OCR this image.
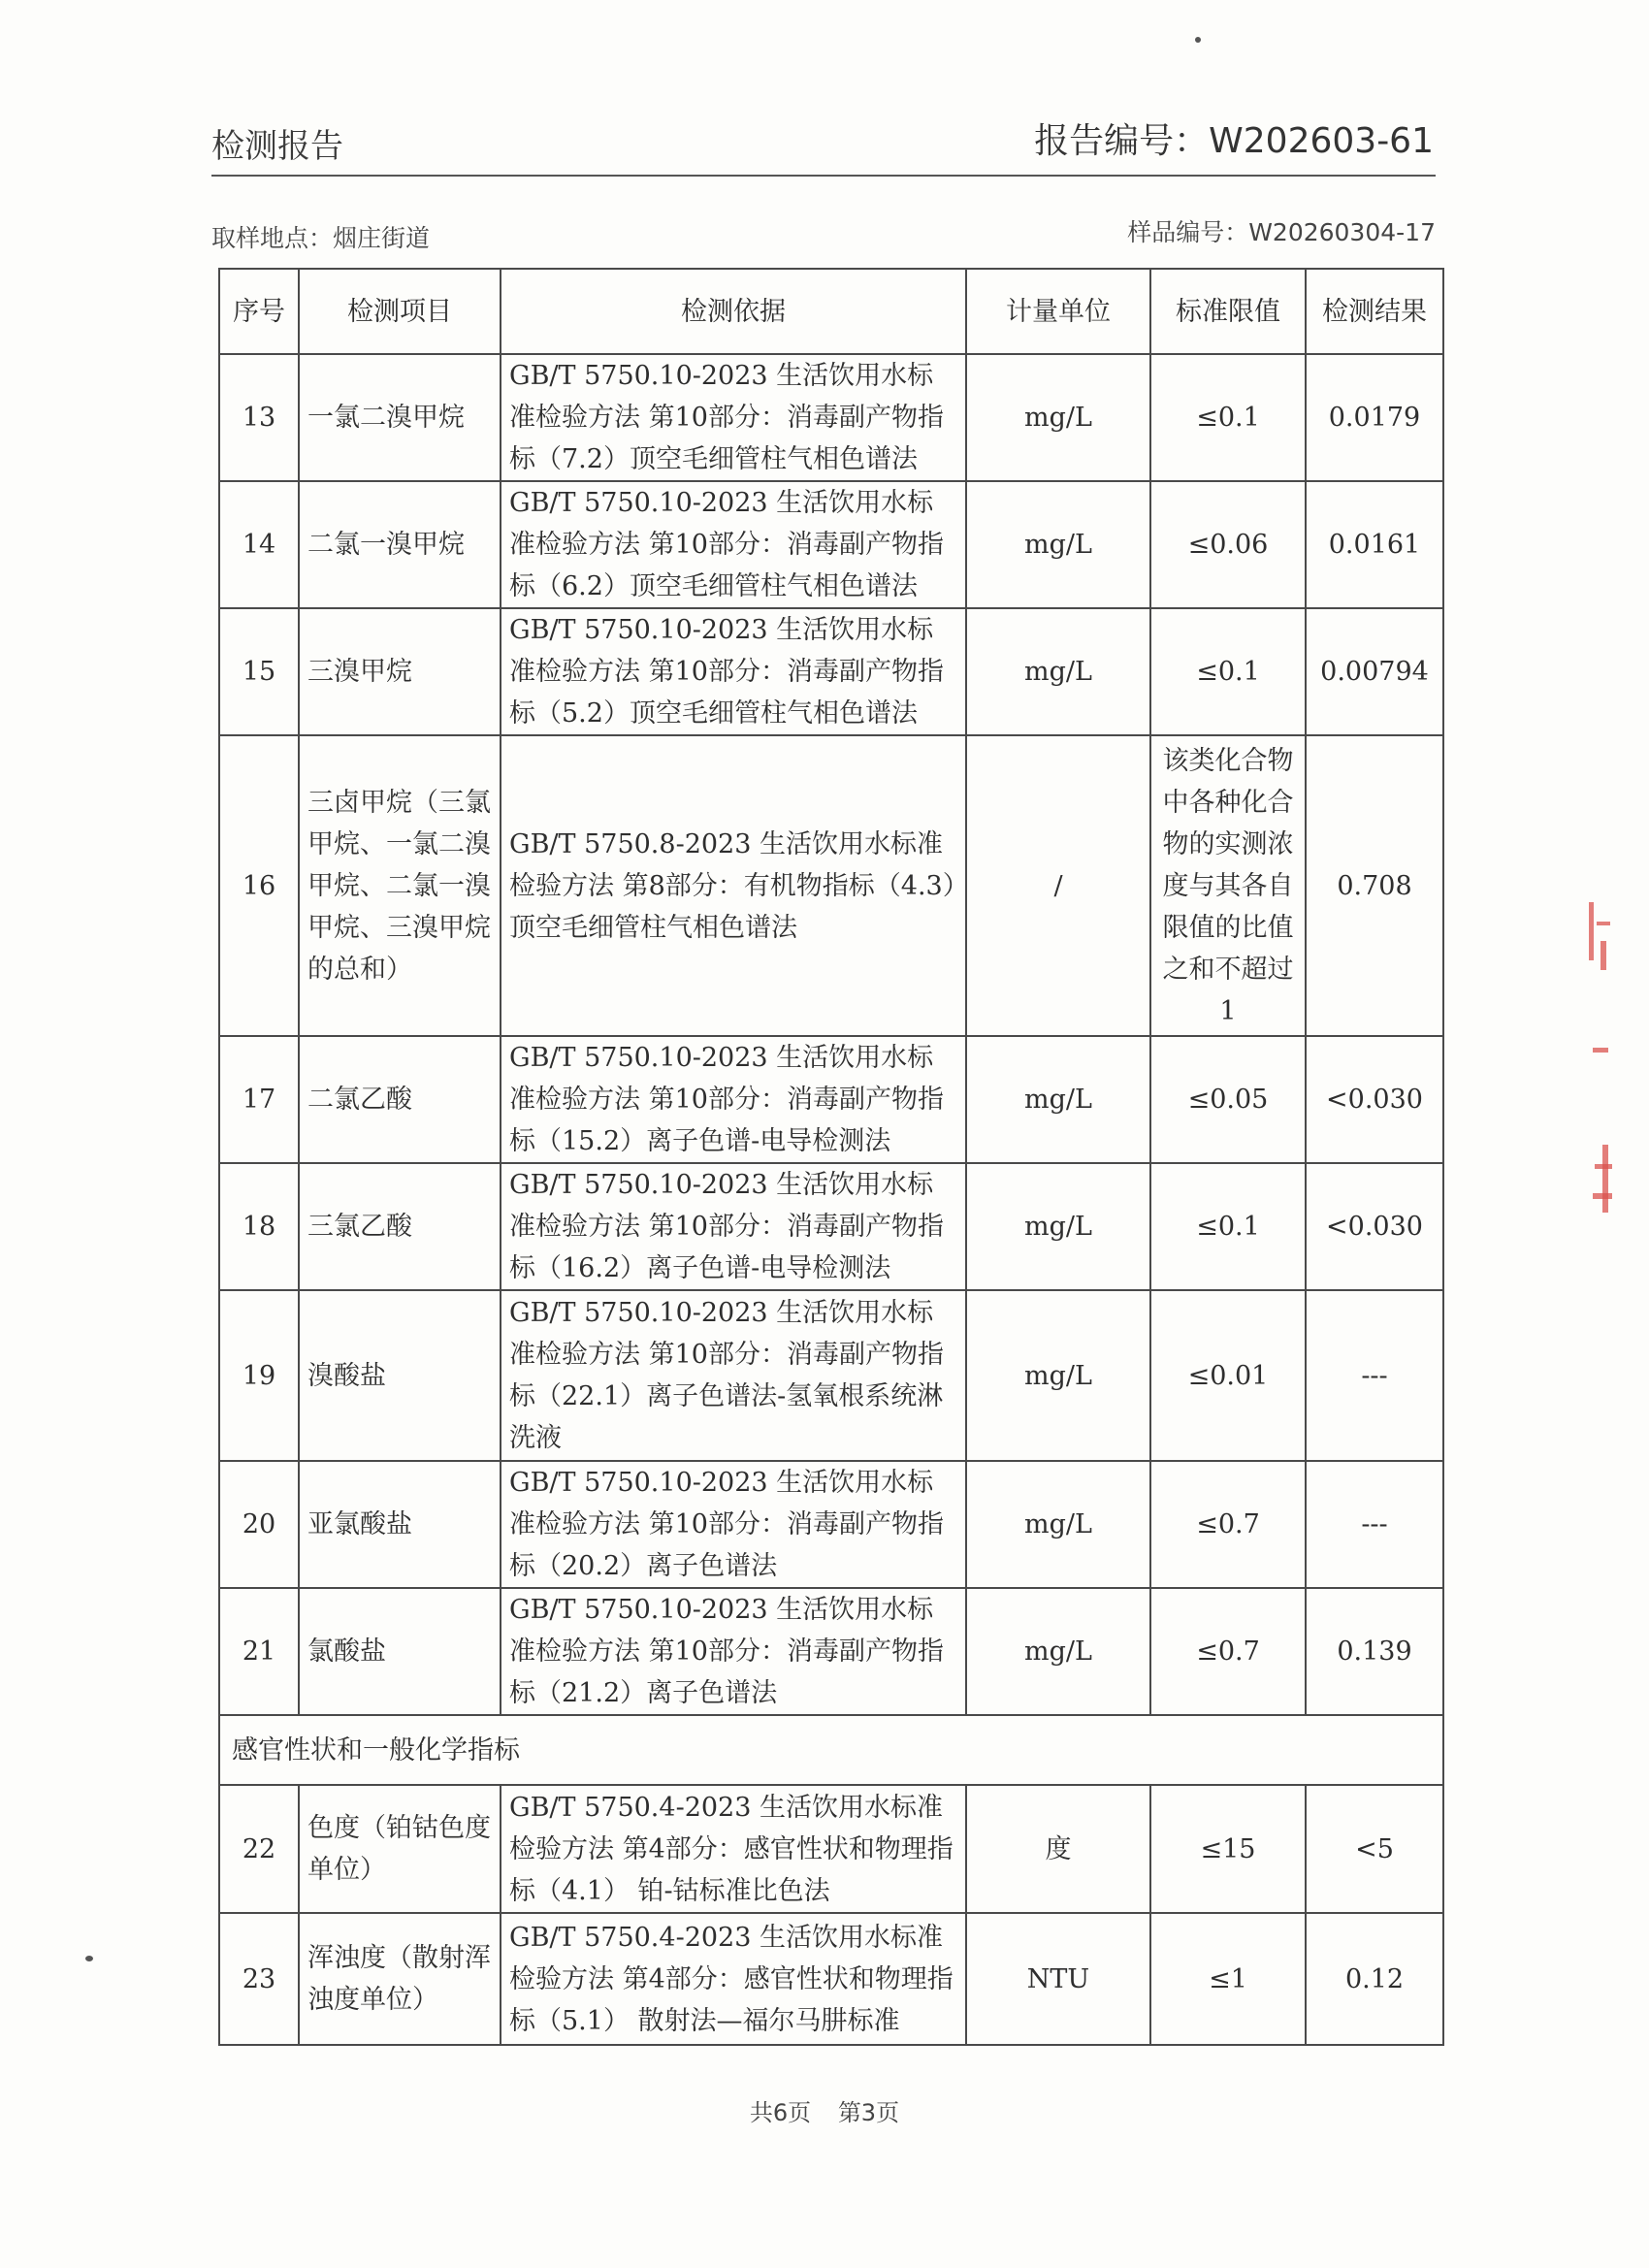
检测报告	报告编号：W202603-61
取样地点：烟庄街道	样品编号：W20260304-17
序号	检测项目	检测依据	计量单位	标准限值	检测结果
13	一氯二溴甲烷	GB/T 5750.10-2023 生活饮用水标准检验方法 第10部分：消毒副产物指标（7.2）顶空毛细管柱气相色谱法	mg/L	≤0.1	0.0179
14	二氯一溴甲烷	GB/T 5750.10-2023 生活饮用水标准检验方法 第10部分：消毒副产物指标（6.2）顶空毛细管柱气相色谱法	mg/L	≤0.06	0.0161
15	三溴甲烷	GB/T 5750.10-2023 生活饮用水标准检验方法 第10部分：消毒副产物指标（5.2）顶空毛细管柱气相色谱法	mg/L	≤0.1	0.00794
16	三卤甲烷（三氯甲烷、一氯二溴甲烷、二氯一溴甲烷、三溴甲烷的总和）	GB/T 5750.8-2023 生活饮用水标准检验方法 第8部分：有机物指标（4.3）顶空毛细管柱气相色谱法	/	该类化合物中各种化合物的实测浓度与其各自限值的比值之和不超过1	0.708
17	二氯乙酸	GB/T 5750.10-2023 生活饮用水标准检验方法 第10部分：消毒副产物指标（15.2）离子色谱-电导检测法	mg/L	≤0.05	<0.030
18	三氯乙酸	GB/T 5750.10-2023 生活饮用水标准检验方法 第10部分：消毒副产物指标（16.2）离子色谱-电导检测法	mg/L	≤0.1	<0.030
19	溴酸盐	GB/T 5750.10-2023 生活饮用水标准检验方法 第10部分：消毒副产物指标（22.1）离子色谱法-氢氧根系统淋洗液	mg/L	≤0.01	---
20	亚氯酸盐	GB/T 5750.10-2023 生活饮用水标准检验方法 第10部分：消毒副产物指标（20.2）离子色谱法	mg/L	≤0.7	---
21	氯酸盐	GB/T 5750.10-2023 生活饮用水标准检验方法 第10部分：消毒副产物指标（21.2）离子色谱法	mg/L	≤0.7	0.139
感官性状和一般化学指标					
22	色度（铂钴色度单位）	GB/T 5750.4-2023 生活饮用水标准检验方法 第4部分：感官性状和物理指标（4.1） 铂-钴标准比色法	度	≤15	<5
23	浑浊度（散射浑浊度单位）	GB/T 5750.4-2023 生活饮用水标准检验方法 第4部分：感官性状和物理指标（5.1） 散射法—福尔马肼标准	NTU	≤1	0.12
共6页 第3页
